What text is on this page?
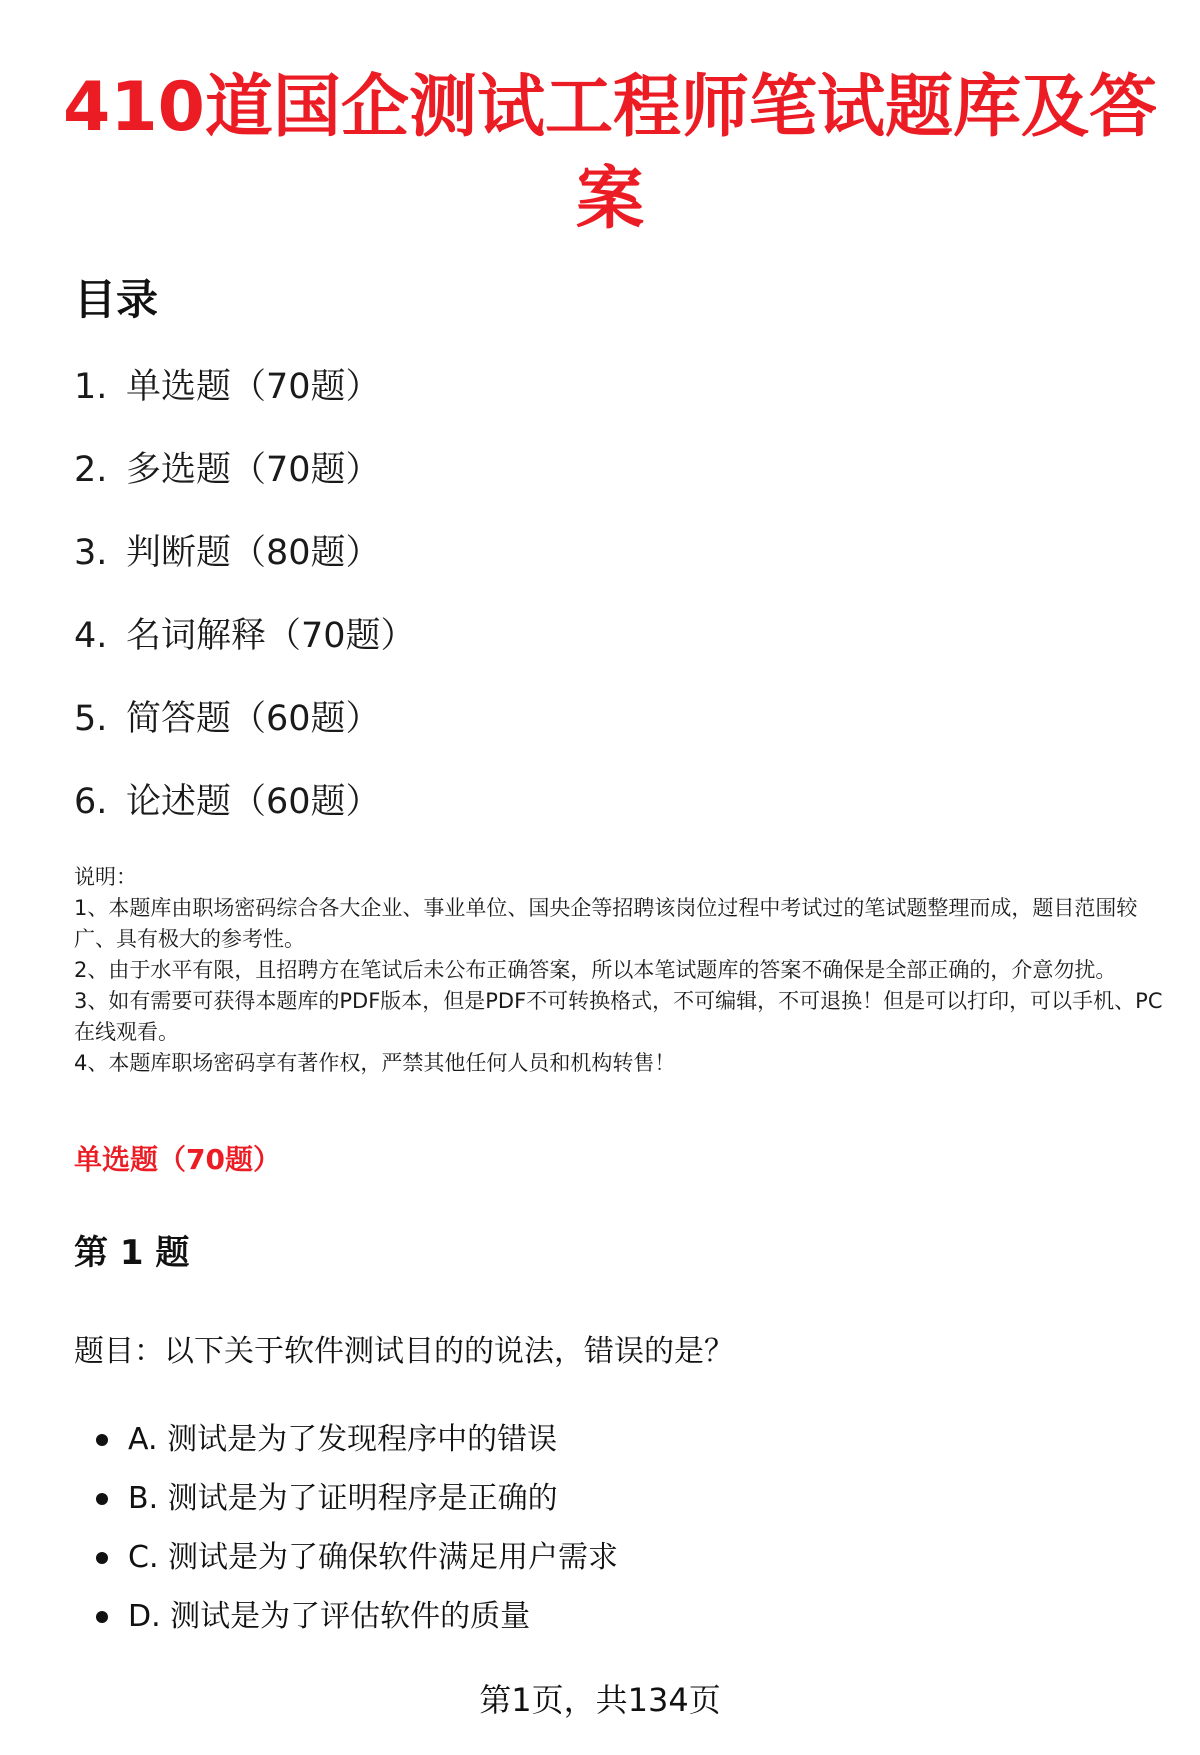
410道国企测试工程师笔试题库及答案
目录
1. 单选题（70题）
2. 多选题（70题）
3. 判断题（80题）
4. 名词解释（70题）
5. 简答题（60题）
6. 论述题（60题）

说明：

1、本题库由职场密码综合各大企业、事业单位、国央企等招聘该岗位过程中考试过的笔试题整理而成，题目范围较广、具有极大的参考性。

2、由于水平有限，且招聘方在笔试后未公布正确答案，所以本笔试题库的答案不确保是全部正确的，介意勿扰。

3、如有需要可获得本题库的PDF版本，但是PDF不可转换格式，不可编辑，不可退换！但是可以打印，可以手机、PC在线观看。

4、本题库职场密码享有著作权，严禁其他任何人员和机构转售！

单选题（70题）
第 1 题

题目：以下关于软件测试目的的说法，错误的是？

A. 测试是为了发现程序中的错误
B. 测试是为了证明程序是正确的
C. 测试是为了确保软件满足用户需求
D. 测试是为了评估软件的质量
第1页，共134页
